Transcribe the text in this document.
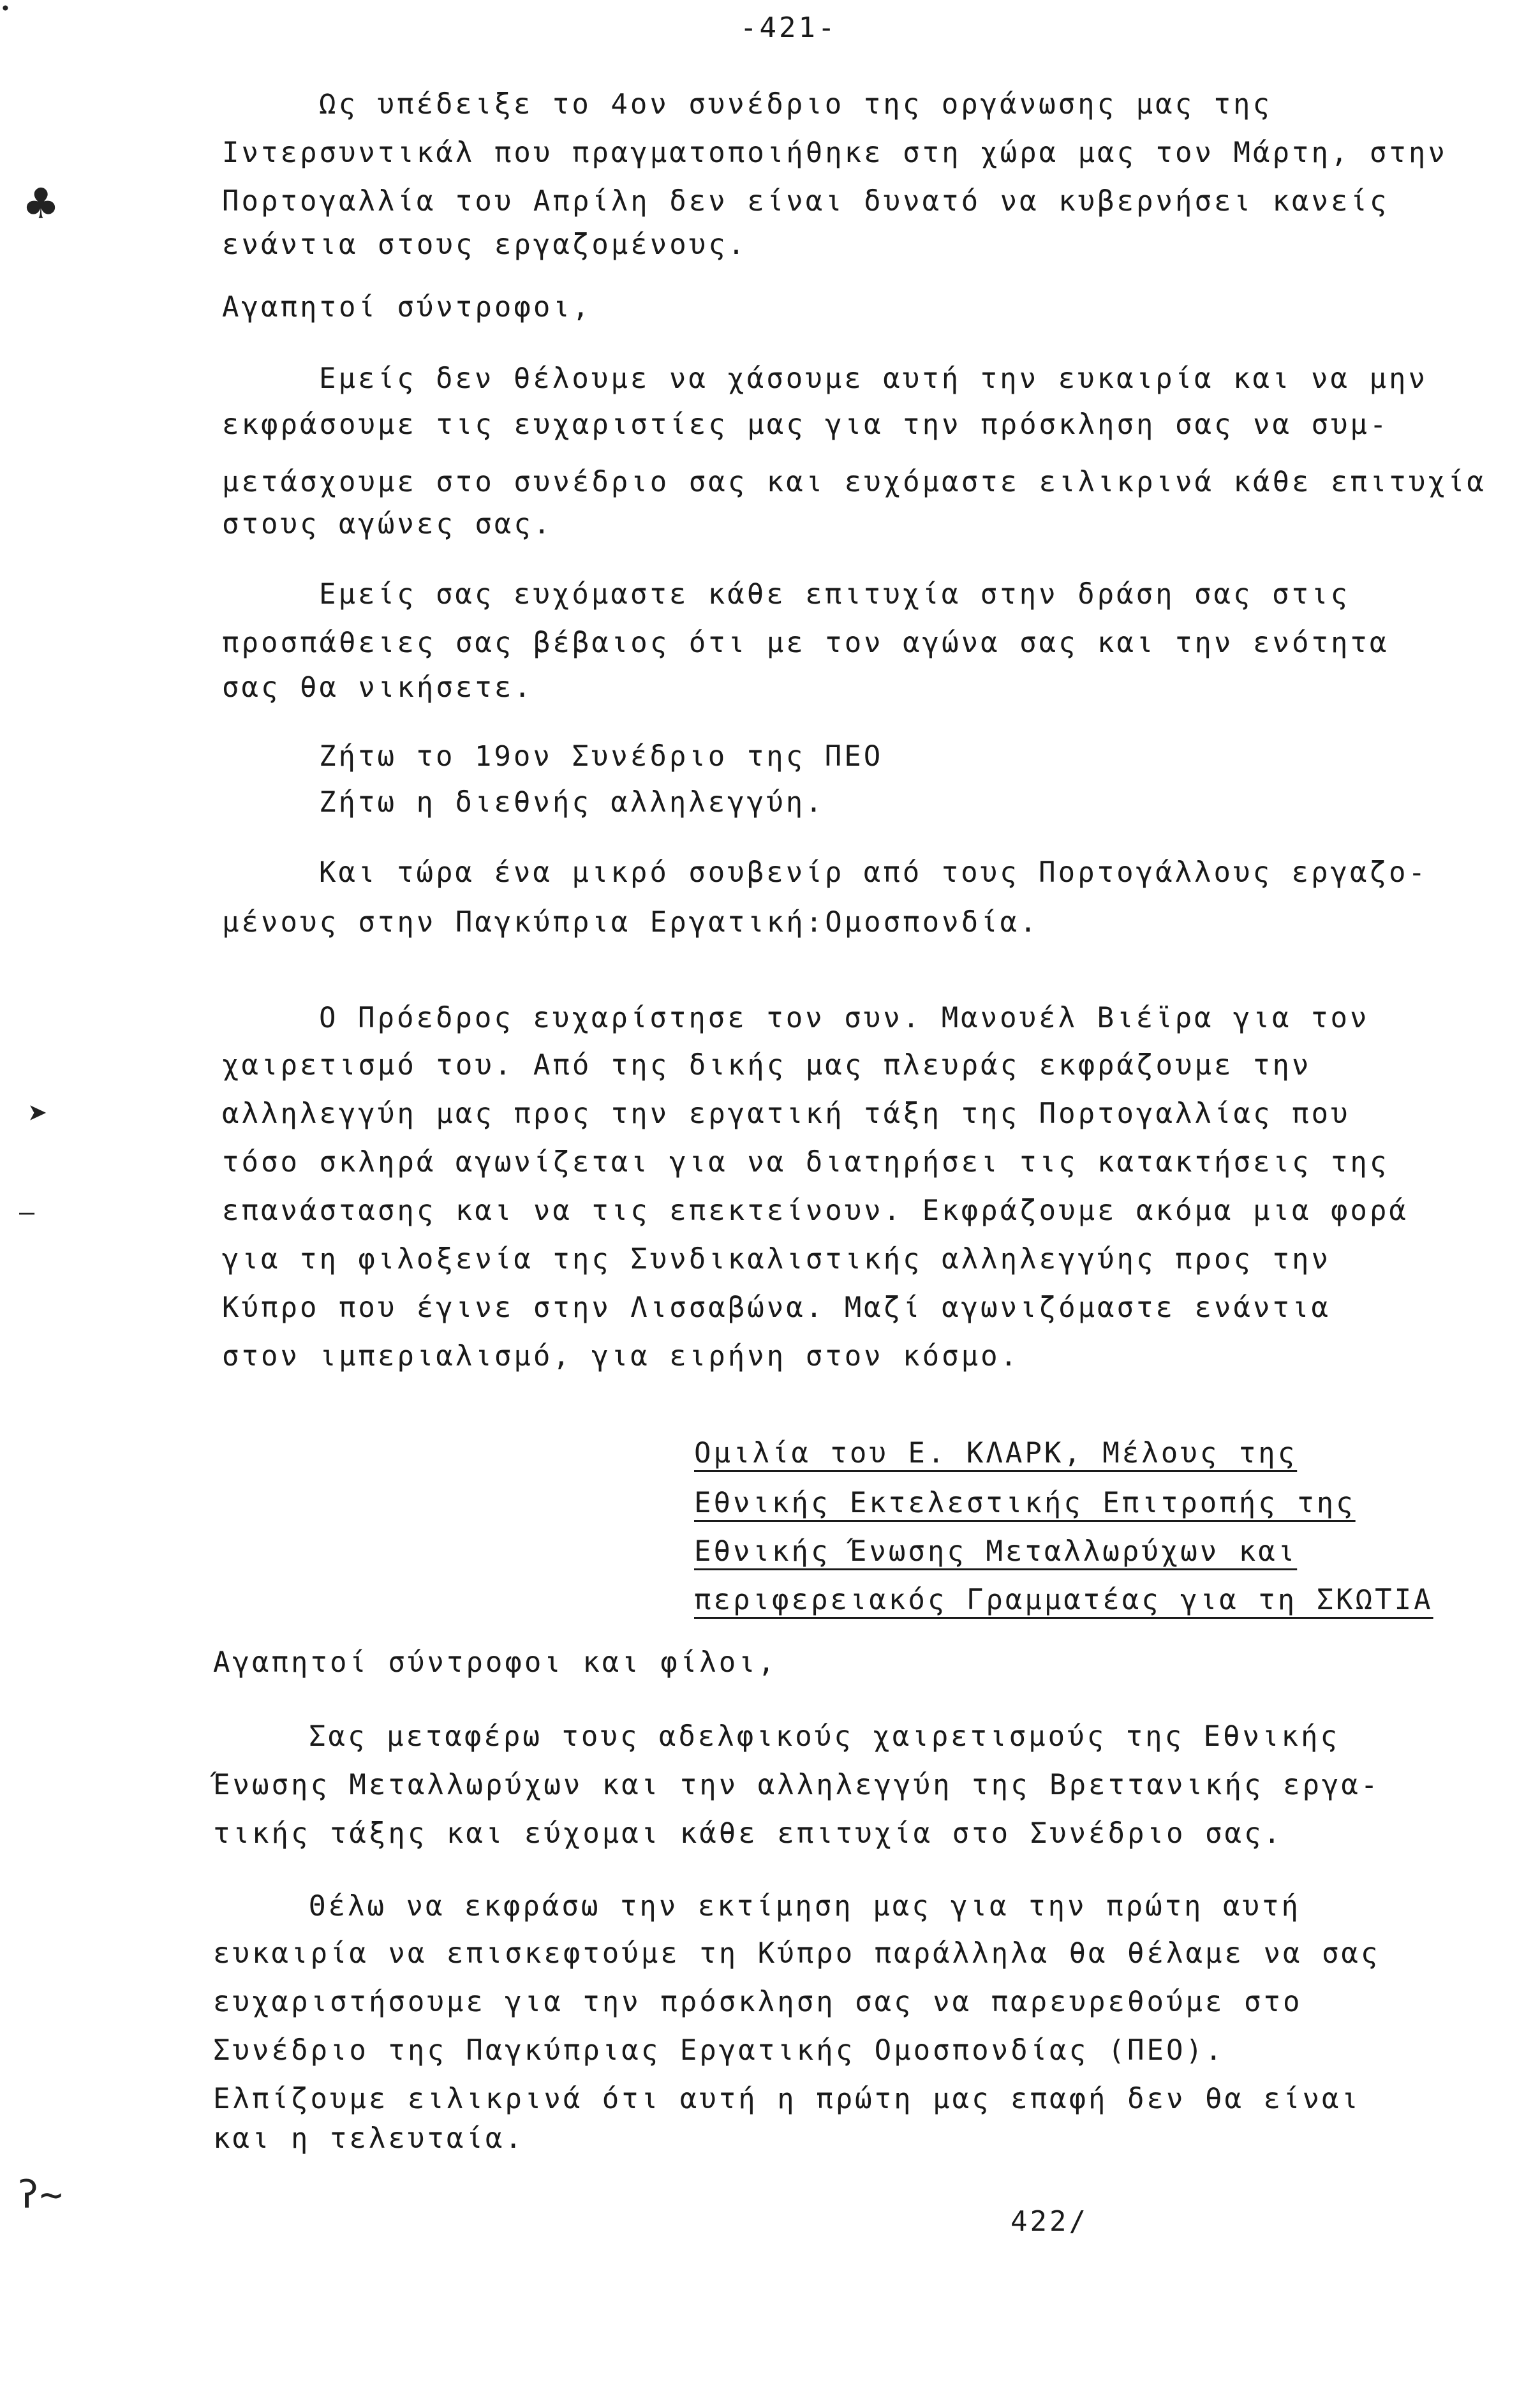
•
♣
➤
–
ʔ~
-421-
Ως υπέδειξε το 4ον συνέδριο της οργάνωσης μας της
Ιντερσυντικάλ που πραγματοποιήθηκε στη χώρα μας τον Μάρτη, στην
Πορτογαλλία του Απρίλη δεν είναι δυνατό να κυβερνήσει κανείς
ενάντια στους εργαζομένους.
Αγαπητοί σύντροφοι,
Εμείς δεν θέλουμε να χάσουμε αυτή την ευκαιρία και να μην
εκφράσουμε τις ευχαριστίες μας για την πρόσκληση σας να συμ-
μετάσχουμε στο συνέδριο σας και ευχόμαστε ειλικρινά κάθε επιτυχία
στους αγώνες σας.
Εμείς σας ευχόμαστε κάθε επιτυχία στην δράση σας στις
προσπάθειες σας βέβαιος ότι με τον αγώνα σας και την ενότητα
σας θα νικήσετε.
Ζήτω το 19ον Συνέδριο της ΠΕΟ
Ζήτω η διεθνής αλληλεγγύη.
Και τώρα ένα μικρό σουβενίρ από τους Πορτογάλλους εργαζο-
μένους στην Παγκύπρια Εργατική:Ομοσπονδία.
Ο Πρόεδρος ευχαρίστησε τον συν. Μανουέλ Βιέϊρα για τον
χαιρετισμό του. Από της δικής μας πλευράς εκφράζουμε την
αλληλεγγύη μας προς την εργατική τάξη της Πορτογαλλίας που
τόσο σκληρά αγωνίζεται για να διατηρήσει τις κατακτήσεις της
επανάστασης και να τις επεκτείνουν. Εκφράζουμε ακόμα μια φορά
για τη φιλοξενία της Συνδικαλιστικής αλληλεγγύης προς την
Κύπρο που έγινε στην Λισσαβώνα. Μαζί αγωνιζόμαστε ενάντια
στον ιμπεριαλισμό, για ειρήνη στον κόσμο.
Ομιλία του Ε. ΚΛΑΡΚ, Μέλους της
Εθνικής Εκτελεστικής Επιτροπής της
Εθνικής Ένωσης Μεταλλωρύχων και
περιφερειακός Γραμματέας για τη ΣΚΩΤΙΑ
Αγαπητοί σύντροφοι και φίλοι,
Σας μεταφέρω τους αδελφικούς χαιρετισμούς της Εθνικής
Ένωσης Μεταλλωρύχων και την αλληλεγγύη της Βρεττανικής εργα-
τικής τάξης και εύχομαι κάθε επιτυχία στο Συνέδριο σας.
Θέλω να εκφράσω την εκτίμηση μας για την πρώτη αυτή
ευκαιρία να επισκεφτούμε τη Κύπρο παράλληλα θα θέλαμε να σας
ευχαριστήσουμε για την πρόσκληση σας να παρευρεθούμε στο
Συνέδριο της Παγκύπριας Εργατικής Ομοσπονδίας (ΠΕΟ).
Ελπίζουμε ειλικρινά ότι αυτή η πρώτη μας επαφή δεν θα είναι
και η τελευταία.
422/
